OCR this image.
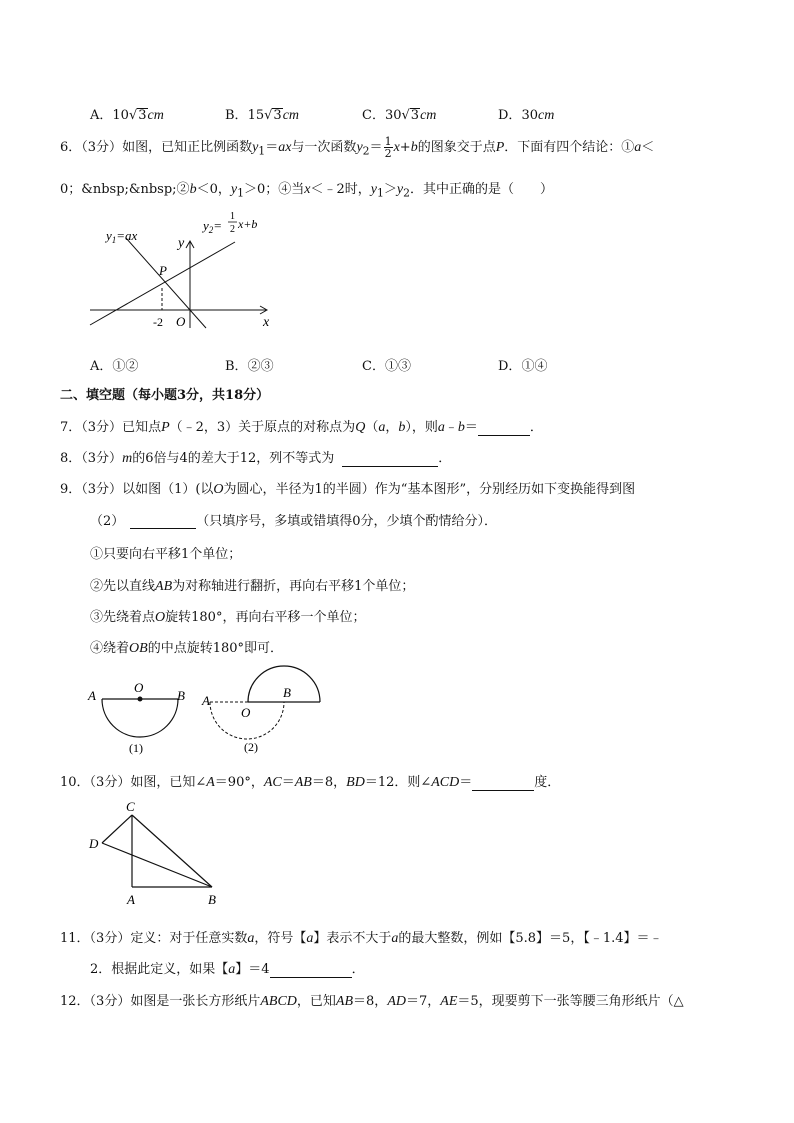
A．10√3cm	B．15√3cm	C．30√3cm	D．30cm
6．（3分）如图，已知正比例函数$y_1=ax$与一次函数$y_2= \frac{1}{2} x+b$的图象交于点P．下面有四个结论：①a＜
0；&nbsp;&nbsp;②b＜0，$y_1>0$；④当x＜﹣2时，$y_1>y_2$．其中正确的是（　　）
$y_1=ax$
$y_2=$
1
2 x+b
y
x
P
O
-2
A．①②	B．②③	C．①③	D．①④
二、填空题（每小题3分，共18分）
7．（3分）已知点P（﹣2，3）关于原点的对称点为Q（a，b），则a﹣b＝	．
8．（3分）m的6倍与4的差大于12，列不等式为	．
9．（3分）以如图（1）(以O为圆心，半径为1的半圆）作为“基本图形”，分别经历如下变换能得到图
（2）	（只填序号，多填或错填得0分，少填个酌情给分）．
①只要向右平移1个单位；
②先以直线AB为对称轴进行翻折，再向右平移1个单位；
③先绕着点O旋转180°，再向右平移一个单位；
④绕着OB的中点旋转180°即可．
A
O
B
(1)
A
O
B
(2)
10．（3分）如图，已知∠A＝90°，AC＝AB＝8，BD＝12．则∠ACD＝	度．
C
D
A	B
11．（3分）定义：对于任意实数a，符号【a】表示不大于a的最大整数，例如【5.8】＝5，【﹣1.4】＝﹣
2．根据此定义，如果【a】＝4	．
12．（3分）如图是一张长方形纸片ABCD，已知AB＝8，AD＝7，AE＝5，现要剪下一张等腰三角形纸片（△
